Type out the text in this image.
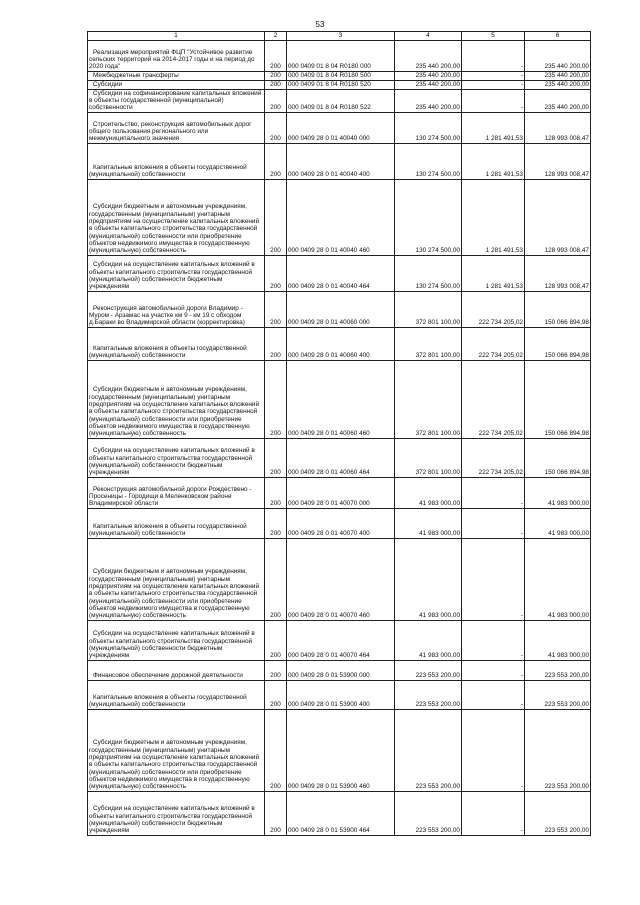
53
1	2	3	4	5	6

Реализация мероприятий ФЦП "Устойчивое развитие сельских территорий на 2014-2017 годы и на период до 2020 года"	200	000 0409 01 8 04 R0180 000	235 440 200,00	-	235 440 200,00

Межбюджетные трансферты	200	000 0409 01 8 04 R0180 500	235 440 200,00	-	235 440 200,00

Субсидии	200	000 0409 01 8 04 R0180 520	235 440 200,00	-	235 440 200,00

Субсидии на софинансирование капитальных вложений в объекты государственной (муниципальной) собственности	200	000 0409 01 8 04 R0180 522	235 440 200,00	-	235 440 200,00

Строительство, реконструкция автомобильных дорог общего пользования регионального или межмуниципального значения	200	000 0409 28 0 01 40040 000	130 274 500,00	1 281 491,53	128 993 008,47

Капитальные вложения в объекты государственной (муниципальной) собственности	200	000 0409 28 0 01 40040 400	130 274 500,00	1 281 491,53	128 993 008,47

Субсидии бюджетным и автономным учреждениям, государственным (муниципальным) унитарным предприятиям на осуществление капитальных вложений в объекты капитального строительства государственной (муниципальной) собственности или приобретение объектов недвижимого имущества в государственную (муниципальную) собственность	200	000 0409 28 0 01 40040 460	130 274 500,00	1 281 491,53	128 993 008,47

Субсидии на осуществление капитальных вложений в объекты капитального строительства государственной (муниципальной) собственности бюджетным учреждениям	200	000 0409 28 0 01 40040 464	130 274 500,00	1 281 491,53	128 993 008,47

Реконструкция автомобильной дороги Владимир - Муром - Арзамас на участке км 9 - км 19 с обходом д.Бараки во Владимирской области (корректировка)	200	000 0409 28 0 01 40060 000	372 801 100,00	222 734 205,02	150 066 894,98

Капитальные вложения в объекты государственной (муниципальной) собственности	200	000 0409 28 0 01 40060 400	372 801 100,00	222 734 205,02	150 066 894,98

Субсидии бюджетным и автономным учреждениям, государственным (муниципальным) унитарным предприятиям на осуществление капитальных вложений в объекты капитального строительства государственной (муниципальной) собственности или приобретение объектов недвижимого имущества в государственную (муниципальную) собственность	200	000 0409 28 0 01 40060 460	372 801 100,00	222 734 205,02	150 066 894,98

Субсидии на осуществление капитальных вложений в объекты капитального строительства государственной (муниципальной) собственности бюджетным учреждениям	200	000 0409 28 0 01 40060 464	372 801 100,00	222 734 205,02	150 066 894,98

Реконструкция автомобильной дороги Рождествено - Просеницы - Городищи в Меленковском районе Владимирской области	200	000 0409 28 0 01 40070 000	41 983 000,00	-	41 983 000,00

Капитальные вложения в объекты государственной (муниципальной) собственности	200	000 0409 28 0 01 40070 400	41 983 000,00	-	41 983 000,00

Субсидии бюджетным и автономным учреждениям, государственным (муниципальным) унитарным предприятиям на осуществление капитальных вложений в объекты капитального строительства государственной (муниципальной) собственности или приобретение объектов недвижимого имущества в государственную (муниципальную) собственность	200	000 0409 28 0 01 40070 460	41 983 000,00	-	41 983 000,00

Субсидии на осуществление капитальных вложений в объекты капитального строительства государственной (муниципальной) собственности бюджетным учреждениям	200	000 0409 28 0 01 40070 464	41 983 000,00	-	41 983 000,00

Финансовое обеспечение дорожной деятельности	200	000 0409 28 0 01 53900 000	223 553 200,00	-	223 553 200,00

Капитальные вложения в объекты государственной (муниципальной) собственности	200	000 0409 28 0 01 53900 400	223 553 200,00	-	223 553 200,00

Субсидии бюджетным и автономным учреждениям, государственным (муниципальным) унитарным предприятиям на осуществление капитальных вложений в объекты капитального строительства государственной (муниципальной) собственности или приобретение объектов недвижимого имущества в государственную (муниципальную) собственность	200	000 0409 28 0 01 53900 460	223 553 200,00	-	223 553 200,00

Субсидии на осуществление капитальных вложений в объекты капитального строительства государственной (муниципальной) собственности бюджетным учреждениям	200	000 0409 28 0 01 53900 464	223 553 200,00	-	223 553 200,00
